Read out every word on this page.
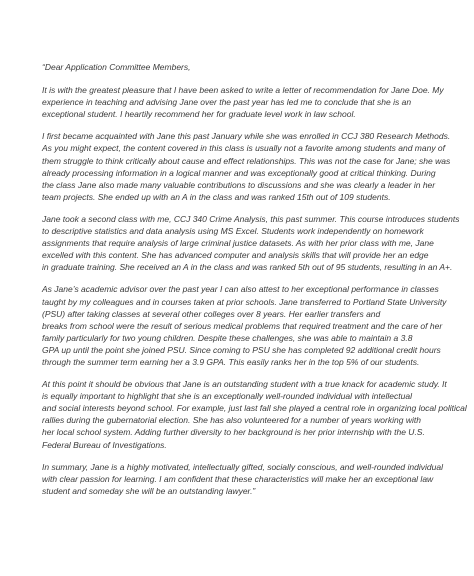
“Dear Application Committee Members,

It is with the greatest pleasure that I have been asked to write a letter of recommendation for Jane Doe. My
experience in teaching and advising Jane over the past year has led me to conclude that she is an
exceptional student. I heartily recommend her for graduate level work in law school.

I first became acquainted with Jane this past January while she was enrolled in CCJ 380 Research Methods.
As you might expect, the content covered in this class is usually not a favorite among students and many of
them struggle to think critically about cause and effect relationships. This was not the case for Jane; she was
already processing information in a logical manner and was exceptionally good at critical thinking. During
the class Jane also made many valuable contributions to discussions and she was clearly a leader in her
team projects. She ended up with an A in the class and was ranked 15th out of 109 students.

Jane took a second class with me, CCJ 340 Crime Analysis, this past summer. This course introduces students
to descriptive statistics and data analysis using MS Excel. Students work independently on homework
assignments that require analysis of large criminal justice datasets. As with her prior class with me, Jane
excelled with this content. She has advanced computer and analysis skills that will provide her an edge
in graduate training. She received an A in the class and was ranked 5th out of 95 students, resulting in an A+.

As Jane’s academic advisor over the past year I can also attest to her exceptional performance in classes
taught by my colleagues and in courses taken at prior schools. Jane transferred to Portland State University
(PSU) after taking classes at several other colleges over 8 years. Her earlier transfers and
breaks from school were the result of serious medical problems that required treatment and the care of her
family particularly for two young children. Despite these challenges, she was able to maintain a 3.8
GPA up until the point she joined PSU. Since coming to PSU she has completed 92 additional credit hours
through the summer term earning her a 3.9 GPA. This easily ranks her in the top 5% of our students.

At this point it should be obvious that Jane is an outstanding student with a true knack for academic study. It
is equally important to highlight that she is an exceptionally well-rounded individual with intellectual
and social interests beyond school. For example, just last fall she played a central role in organizing local political
rallies during the gubernatorial election. She has also volunteered for a number of years working with
her local school system. Adding further diversity to her background is her prior internship with the U.S.
Federal Bureau of Investigations.

In summary, Jane is a highly motivated, intellectually gifted, socially conscious, and well-rounded individual
with clear passion for learning. I am confident that these characteristics will make her an exceptional law
student and someday she will be an outstanding lawyer.”
